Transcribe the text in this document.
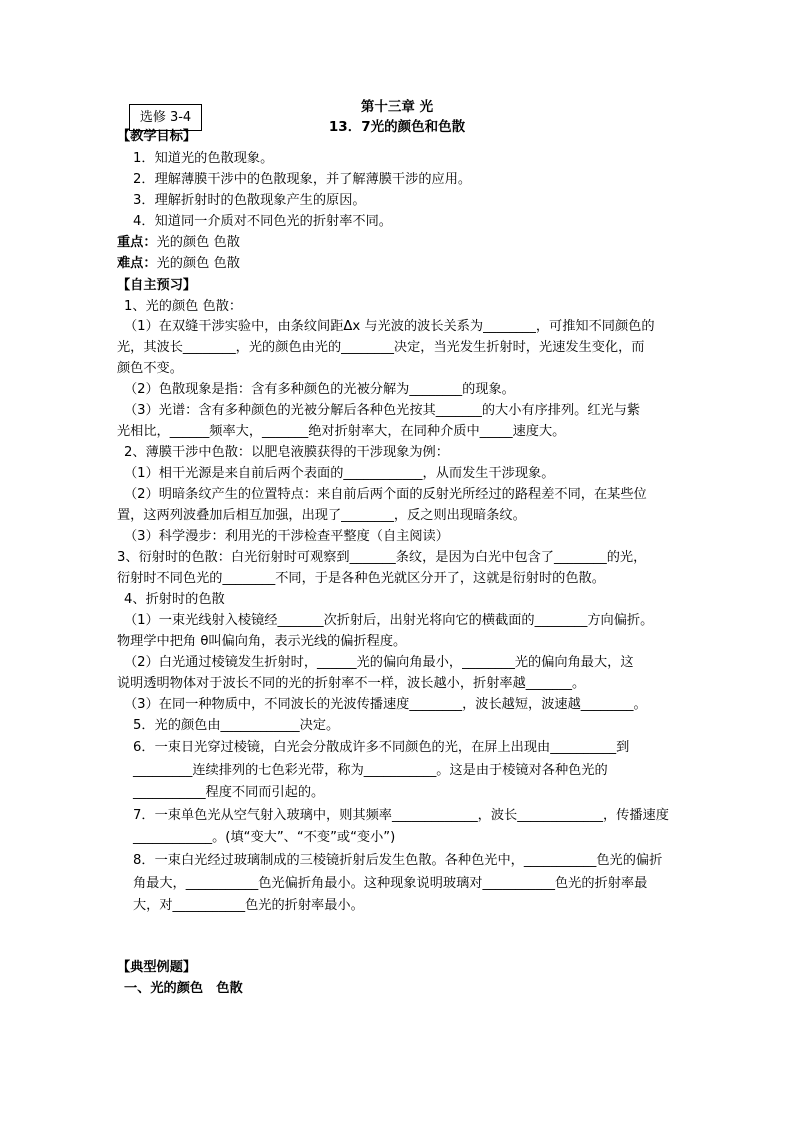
选修 3-4
第十三章 光
13．7光的颜色和色散
【教学目标】
1．知道光的色散现象。
2．理解薄膜干涉中的色散现象，并了解薄膜干涉的应用。
3．理解折射时的色散现象产生的原因。
4．知道同一介质对不同色光的折射率不同。
重点：光的颜色 色散
难点：光的颜色 色散
【自主预习】
1、光的颜色 色散：
（1）在双缝干涉实验中，由条纹间距Δx 与光波的波长关系为________，可推知不同颜色的
光，其波长________，光的颜色由光的________决定，当光发生折射时，光速发生变化，而
颜色不变。
（2）色散现象是指：含有多种颜色的光被分解为________的现象。
（3）光谱：含有多种颜色的光被分解后各种色光按其_______的大小有序排列。红光与紫
光相比，______频率大，_______绝对折射率大，在同种介质中_____速度大。
2、薄膜干涉中色散：以肥皂液膜获得的干涉现象为例：
（1）相干光源是来自前后两个表面的____________，从而发生干涉现象。
（2）明暗条纹产生的位置特点：来自前后两个面的反射光所经过的路程差不同，在某些位
置，这两列波叠加后相互加强，出现了________，反之则出现暗条纹。
（3）科学漫步：利用光的干涉检查平整度（自主阅读）
3、衍射时的色散：白光衍射时可观察到_______条纹，是因为白光中包含了________的光，
衍射时不同色光的________不同，于是各种色光就区分开了，这就是衍射时的色散。
4、折射时的色散
（1）一束光线射入棱镜经_______次折射后，出射光将向它的横截面的________方向偏折。
物理学中把角 θ叫偏向角，表示光线的偏折程度。
（2）白光通过棱镜发生折射时，______光的偏向角最小，________光的偏向角最大，这
说明透明物体对于波长不同的光的折射率不一样，波长越小，折射率越_______。
（3）在同一种物质中，不同波长的光波传播速度________，波长越短，波速越________。
5．光的颜色由____________决定。
6．一束日光穿过棱镜，白光会分散成许多不同颜色的光，在屏上出现由__________到
_________连续排列的七色彩光带，称为___________。这是由于棱镜对各种色光的
___________程度不同而引起的。
7．一束单色光从空气射入玻璃中，则其频率_____________，波长_____________，传播速度
____________。(填“变大”、“不变”或“变小”)
8．一束白光经过玻璃制成的三棱镜折射后发生色散。各种色光中，___________色光的偏折
角最大，___________色光偏折角最小。这种现象说明玻璃对___________色光的折射率最
大，对___________色光的折射率最小。
【典型例题】
一、光的颜色　色散
